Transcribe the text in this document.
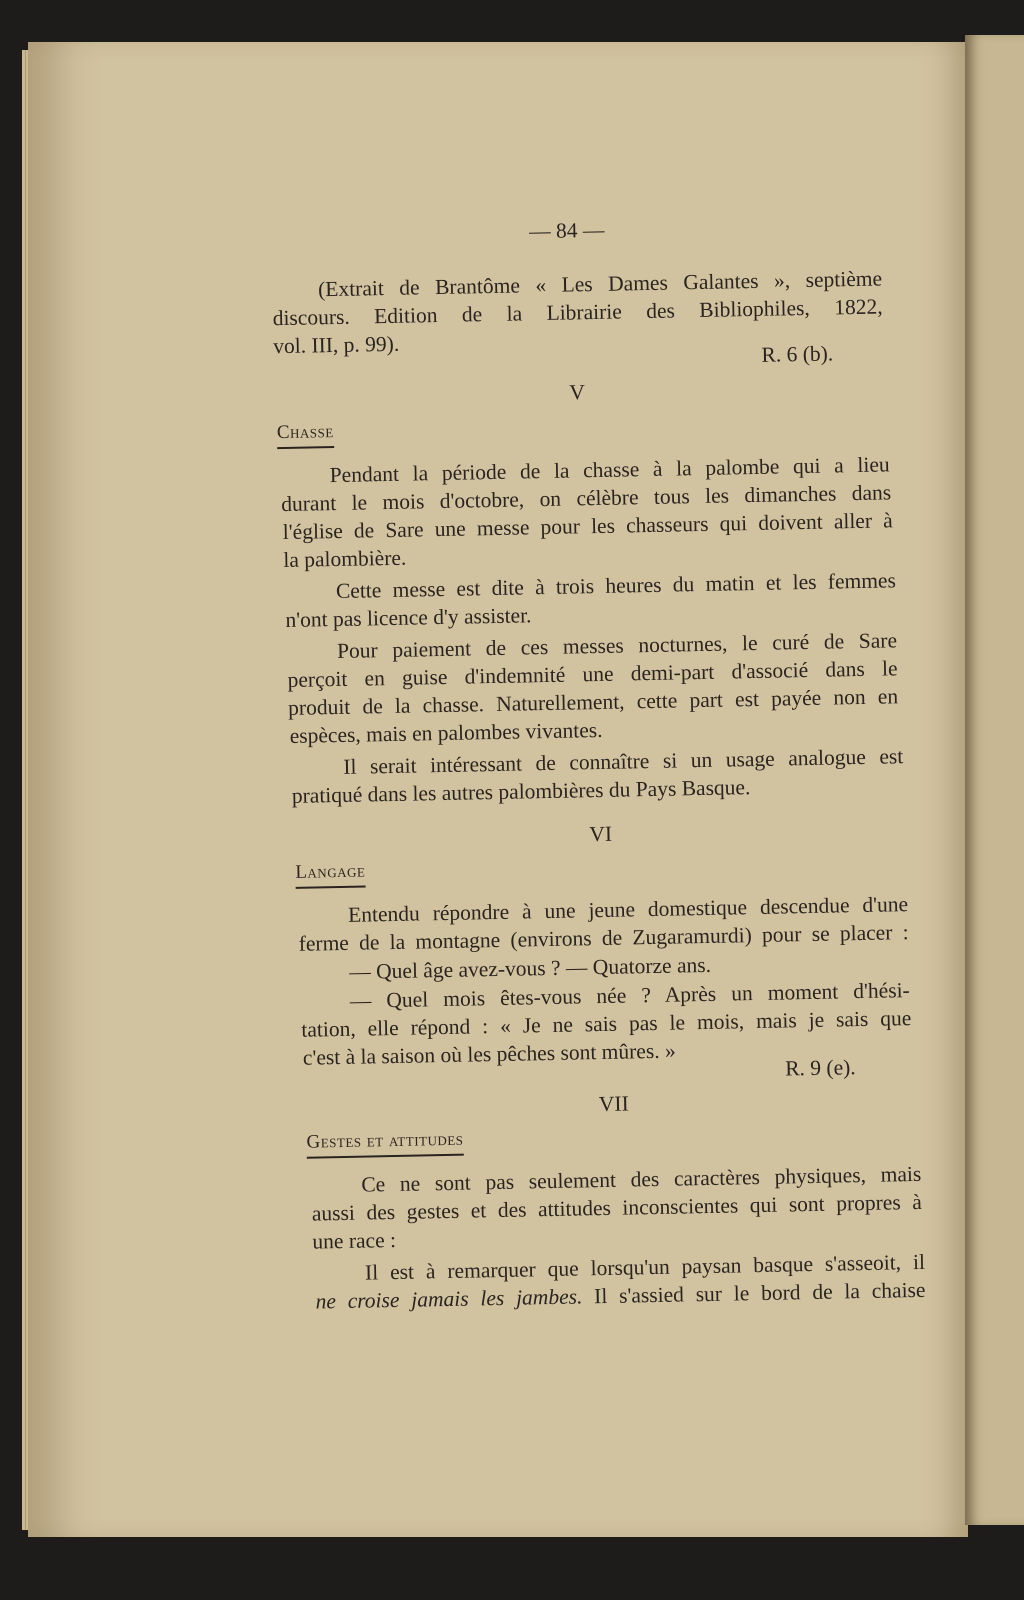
— 84 —
(Extrait de Brantôme « Les Dames Galantes », septième
discours. Edition de la Librairie des Bibliophiles, 1822,
vol. III, p. 99).	R. 6 (b).
V
Chasse
Pendant la période de la chasse à la palombe qui a lieu
durant le mois d'octobre, on célèbre tous les dimanches dans
l'église de Sare une messe pour les chasseurs qui doivent aller à
la palombière.
Cette messe est dite à trois heures du matin et les femmes
n'ont pas licence d'y assister.
Pour paiement de ces messes nocturnes, le curé de Sare
perçoit en guise d'indemnité une demi-part d'associé dans le
produit de la chasse. Naturellement, cette part est payée non en
espèces, mais en palombes vivantes.
Il serait intéressant de connaître si un usage analogue est
pratiqué dans les autres palombières du Pays Basque.
VI
Langage
Entendu répondre à une jeune domestique descendue d'une
ferme de la montagne (environs de Zugaramurdi) pour se placer :
— Quel âge avez-vous ? — Quatorze ans.
— Quel mois êtes-vous née ? Après un moment d'hési-
tation, elle répond : « Je ne sais pas le mois, mais je sais que
c'est à la saison où les pêches sont mûres. »	R. 9 (e).
VII
Gestes et attitudes
Ce ne sont pas seulement des caractères physiques, mais
aussi des gestes et des attitudes inconscientes qui sont propres à
une race :
Il est à remarquer que lorsqu'un paysan basque s'asseoit, il
ne croise jamais les jambes. Il s'assied sur le bord de la chaise
